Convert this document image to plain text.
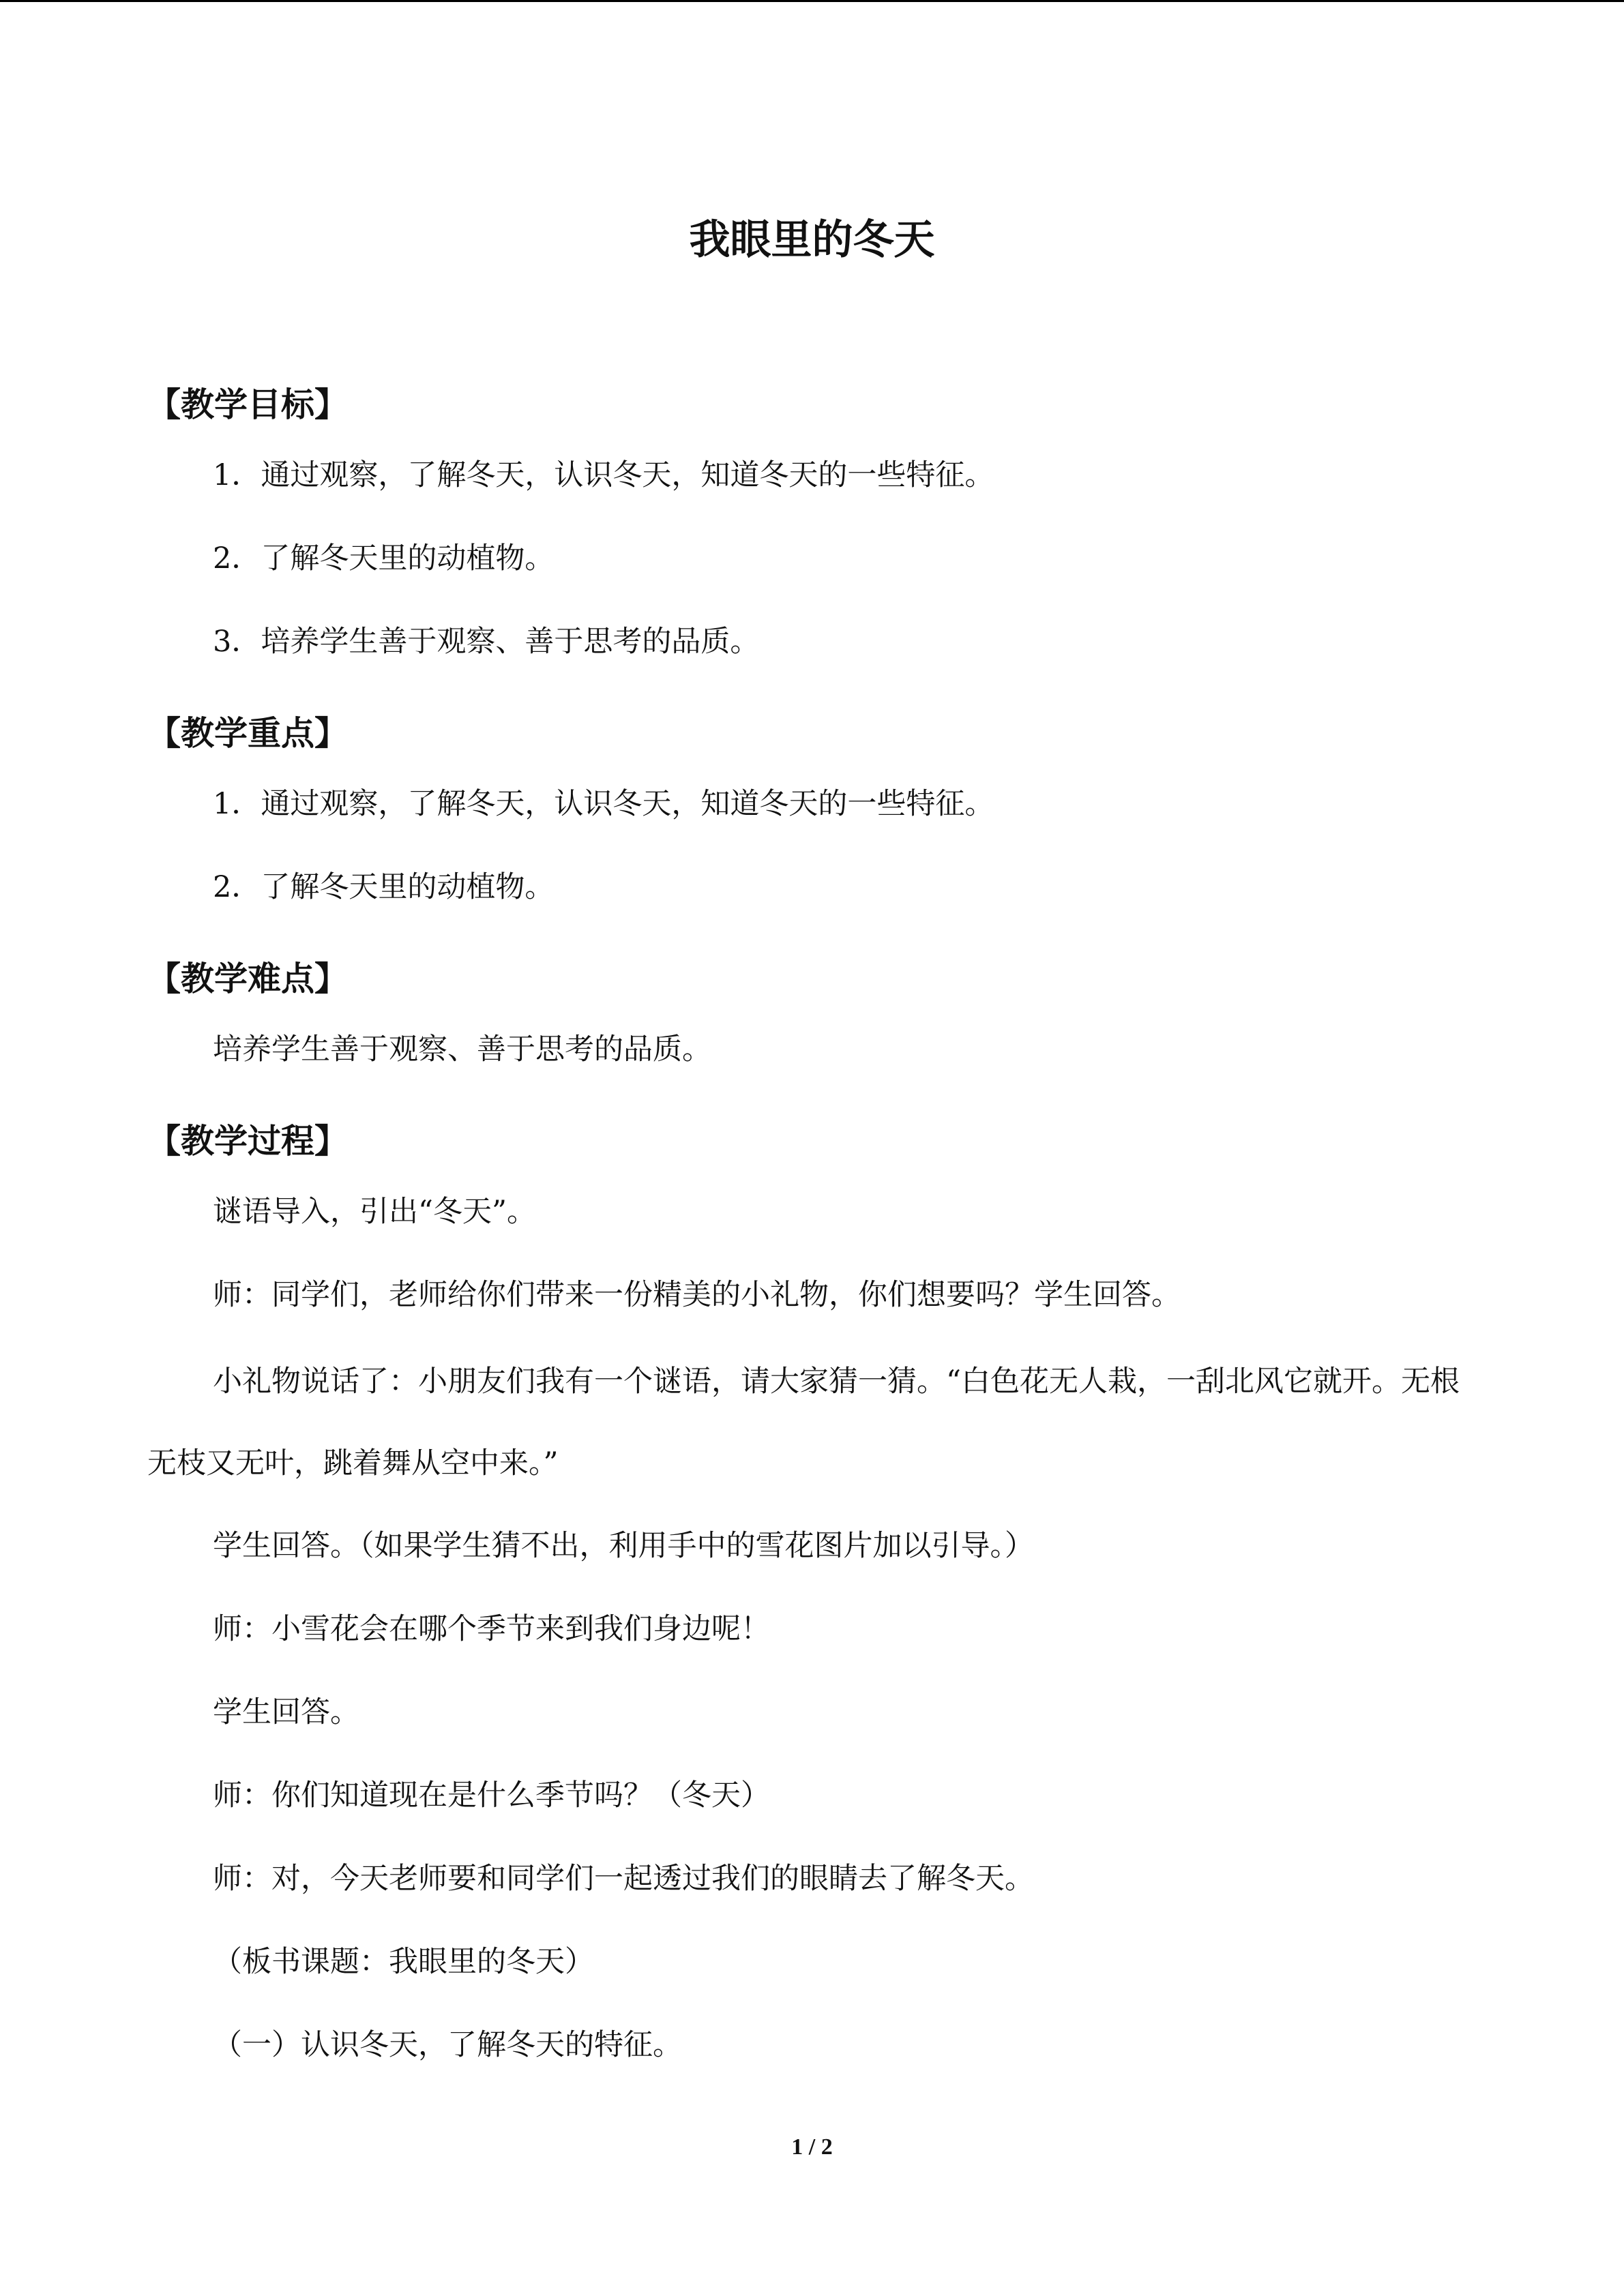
我眼里的冬天
【教学目标】

1．通过观察，了解冬天，认识冬天，知道冬天的一些特征。

2．了解冬天里的动植物。

3．培养学生善于观察、善于思考的品质。

【教学重点】

1．通过观察，了解冬天，认识冬天，知道冬天的一些特征。

2．了解冬天里的动植物。

【教学难点】

培养学生善于观察、善于思考的品质。

【教学过程】

谜语导入，引出“冬天”。

师：同学们，老师给你们带来一份精美的小礼物，你们想要吗？学生回答。

小礼物说话了：小朋友们我有一个谜语，请大家猜一猜。“白色花无人栽，一刮北风它就开。无根无枝又无叶，跳着舞从空中来。”

学生回答。（如果学生猜不出，利用手中的雪花图片加以引导。）

师：小雪花会在哪个季节来到我们身边呢！

学生回答。

师：你们知道现在是什么季节吗？（冬天）

师：对，今天老师要和同学们一起透过我们的眼睛去了解冬天。

（板书课题：我眼里的冬天）

（一）认识冬天，了解冬天的特征。

1 / 2
